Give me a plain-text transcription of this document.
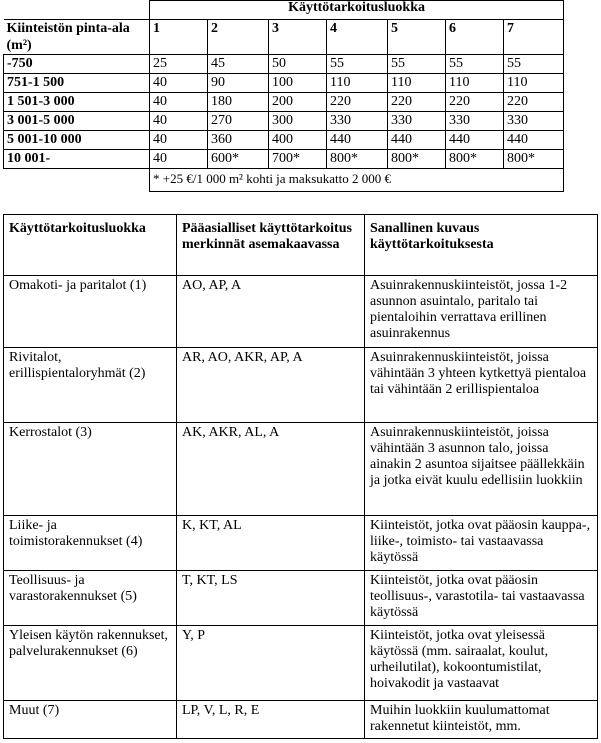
	Käyttötarkoitusluokka						
Kiinteistön pinta-ala (m²)	1	2	3	4	5	6	7
-750	25	45	50	55	55	55	55
751-1 500	40	90	100	110	110	110	110
1 501-3 000	40	180	200	220	220	220	220
3 001-5 000	40	270	300	330	330	330	330
5 001-10 000	40	360	400	440	440	440	440
10 001-	40	600*	700*	800*	800*	800*	800*
	* +25 €/1 000 m² kohti ja maksukatto 2 000 €						
Käyttötarkoitusluokka	Pääasialliset käyttötarkoitusmerkinnät asemakaavassa	Sanallinen kuvaus käyttötarkoituksesta
Omakoti- ja paritalot (1)	AO, AP, A	Asuinrakennuskiinteistöt, jossa 1-2 asunnon asuintalo, paritalo tai pientaloihin verrattava erillinen asuinrakennus
Rivitalot, erillispientaloryhmät (2)	AR, AO, AKR, AP, A	Asuinrakennuskiinteistöt, joissa vähintään 3 yhteen kytkettyä pientaloa tai vähintään 2 erillispientaloa
Kerrostalot (3)	AK, AKR, AL, A	Asuinrakennuskiinteistöt, joissa vähintään 3 asunnon talo, joissa ainakin 2 asuntoa sijaitsee päällekkäin ja jotka eivät kuulu edellisiin luokkiin
Liike- ja toimistorakennukset (4)	K, KT, AL	Kiinteistöt, jotka ovat pääosin kauppa-, liike-, toimisto- tai vastaavassa käytössä
Teollisuus- ja varastorakennukset (5)	T, KT, LS	Kiinteistöt, jotka ovat pääosin teollisuus-, varastotila- tai vastaavassa käytössä
Yleisen käytön rakennukset, palvelurakennukset (6)	Y, P	Kiinteistöt, jotka ovat yleisessä käytössä (mm. sairaalat, koulut, urheilutilat), kokoontumistilat, hoivakodit ja vastaavat
Muut (7)	LP, V, L, R, E	Muihin luokkiin kuulumattomat rakennetut kiinteistöt, mm.
